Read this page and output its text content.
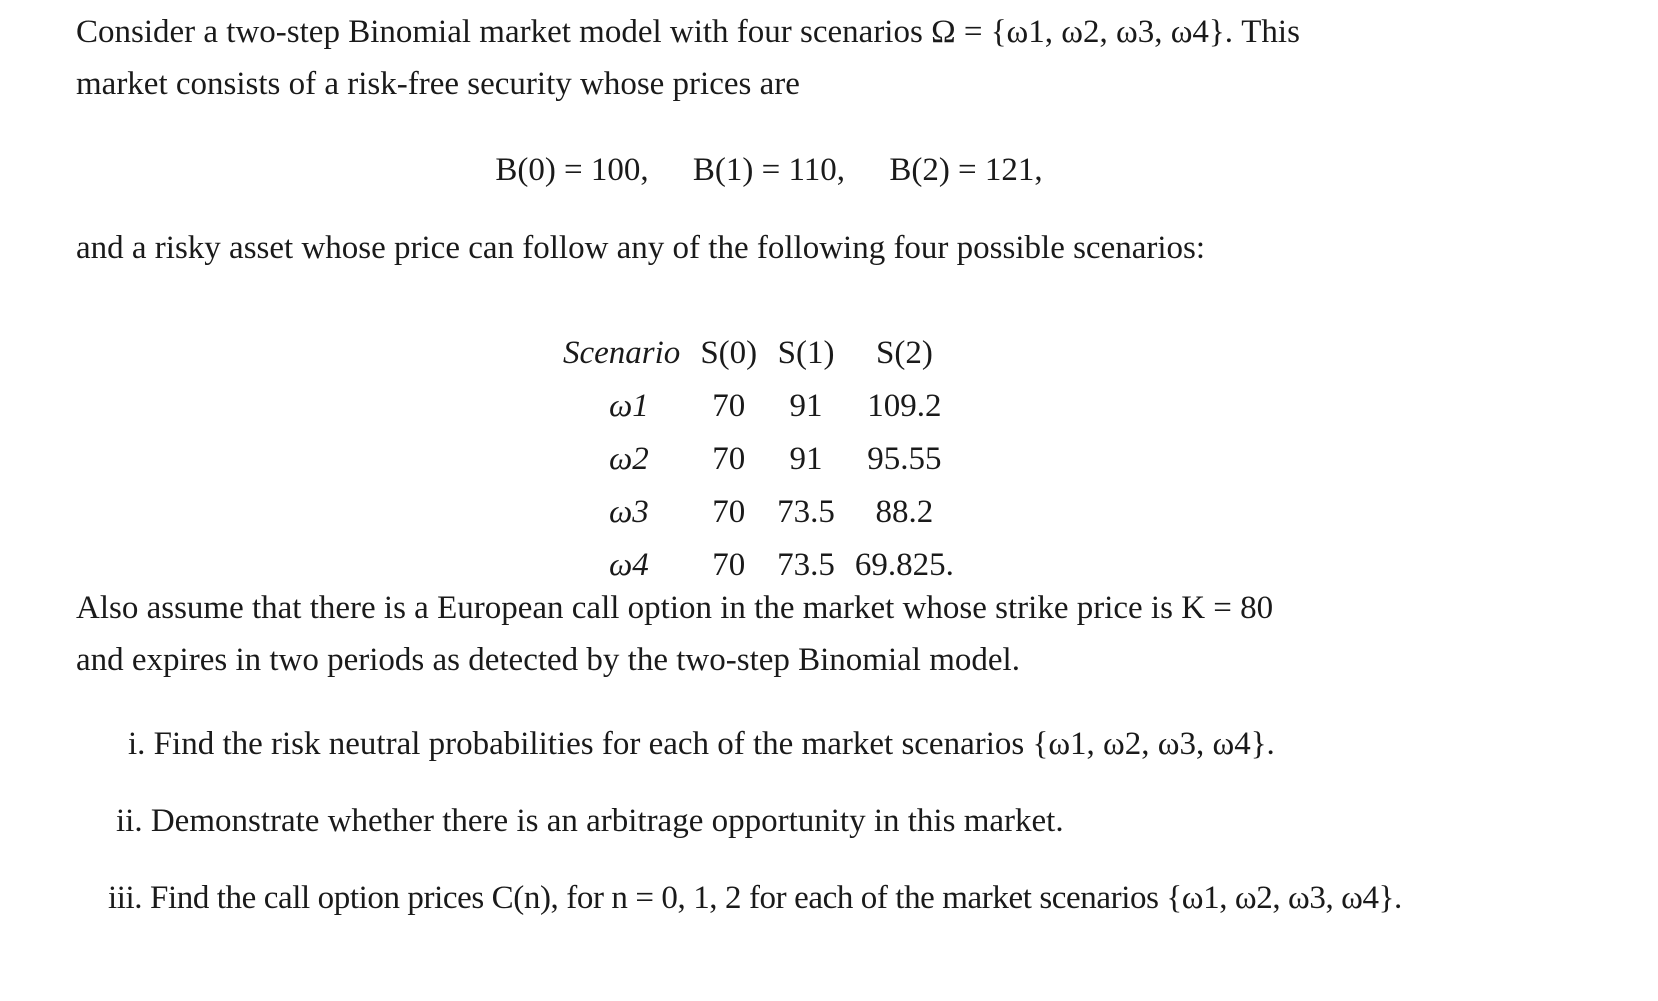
Consider a two-step Binomial market model with four scenarios Ω = {ω1, ω2, ω3, ω4}. This
market consists of a risk-free security whose prices are
B(0) = 100, B(1) = 110, B(2) = 121,
and a risky asset whose price can follow any of the following four possible scenarios:
Scenario	S(0)	S(1)	S(2)
ω1	70	91	109.2
ω2	70	91	95.55
ω3	70	73.5	88.2
ω4	70	73.5	69.825.
Also assume that there is a European call option in the market whose strike price is K = 80
and expires in two periods as detected by the two-step Binomial model.
i. Find the risk neutral probabilities for each of the market scenarios {ω1, ω2, ω3, ω4}.
ii. Demonstrate whether there is an arbitrage opportunity in this market.
iii. Find the call option prices C(n), for n = 0, 1, 2 for each of the market scenarios {ω1, ω2, ω3, ω4}.
